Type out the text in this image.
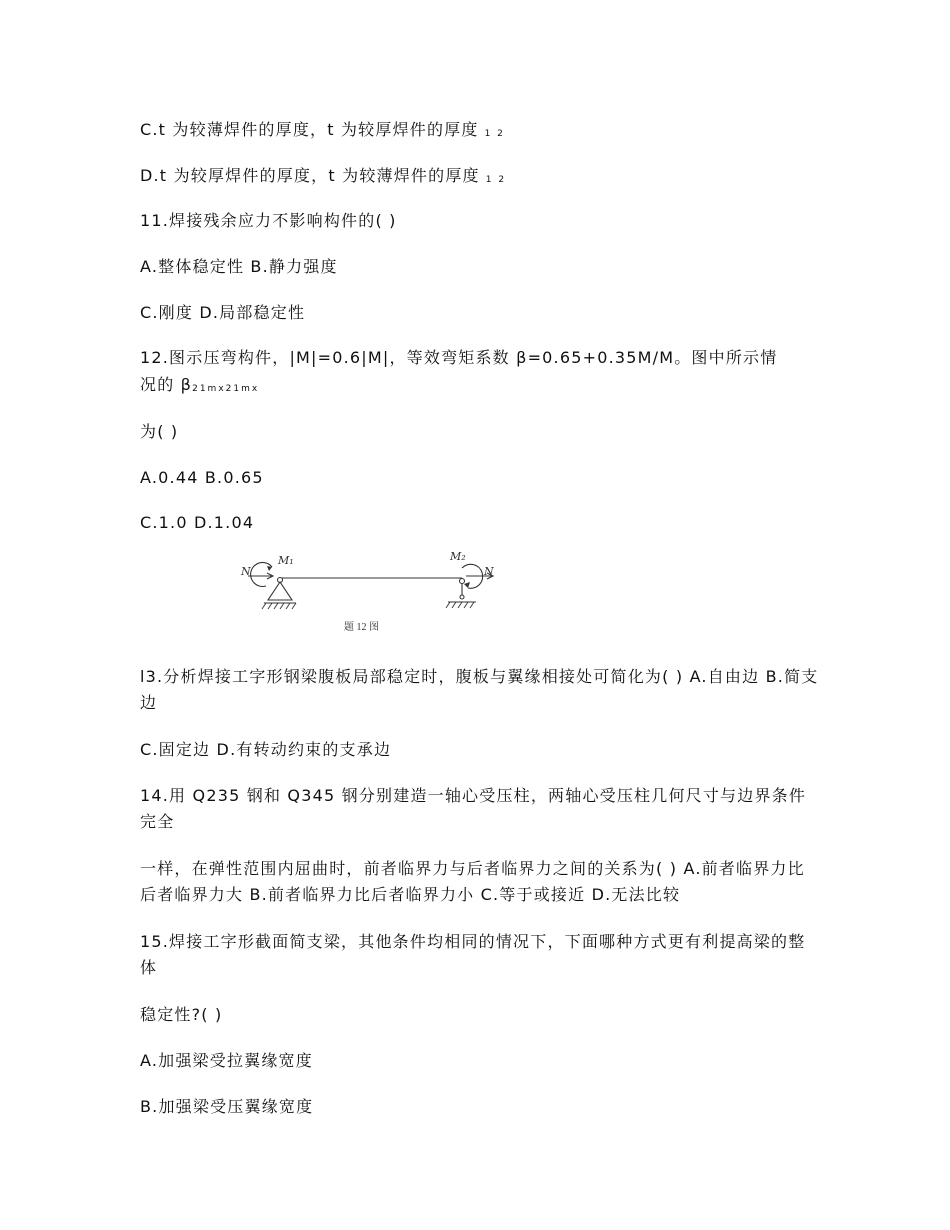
C.t 为较薄焊件的厚度，t 为较厚焊件的厚度 1 2
D.t 为较厚焊件的厚度，t 为较薄焊件的厚度 1 2
11.焊接残余应力不影响构件的( )
A.整体稳定性 B.静力强度
C.刚度 D.局部稳定性
12.图示压弯构件，|M|=0.6|M|，等效弯矩系数 β=0.65+0.35M/M。图中所示情
况的 β21mx21mx
为( )
A.0.44 B.0.65
C.1.0 D.1.04
N	N
M₁	M₂
题 12 图
l3.分析焊接工字形钢梁腹板局部稳定时，腹板与翼缘相接处可简化为( ) A.自由边 B.简支边
C.固定边 D.有转动约束的支承边
14.用 Q235 钢和 Q345 钢分别建造一轴心受压柱，两轴心受压柱几何尺寸与边界条件完全
一样，在弹性范围内屈曲时，前者临界力与后者临界力之间的关系为( ) A.前者临界力比后者临界力大 B.前者临界力比后者临界力小 C.等于或接近 D.无法比较
15.焊接工字形截面简支梁，其他条件均相同的情况下，下面哪种方式更有利提高梁的整体
稳定性?( )
A.加强梁受拉翼缘宽度
B.加强梁受压翼缘宽度
